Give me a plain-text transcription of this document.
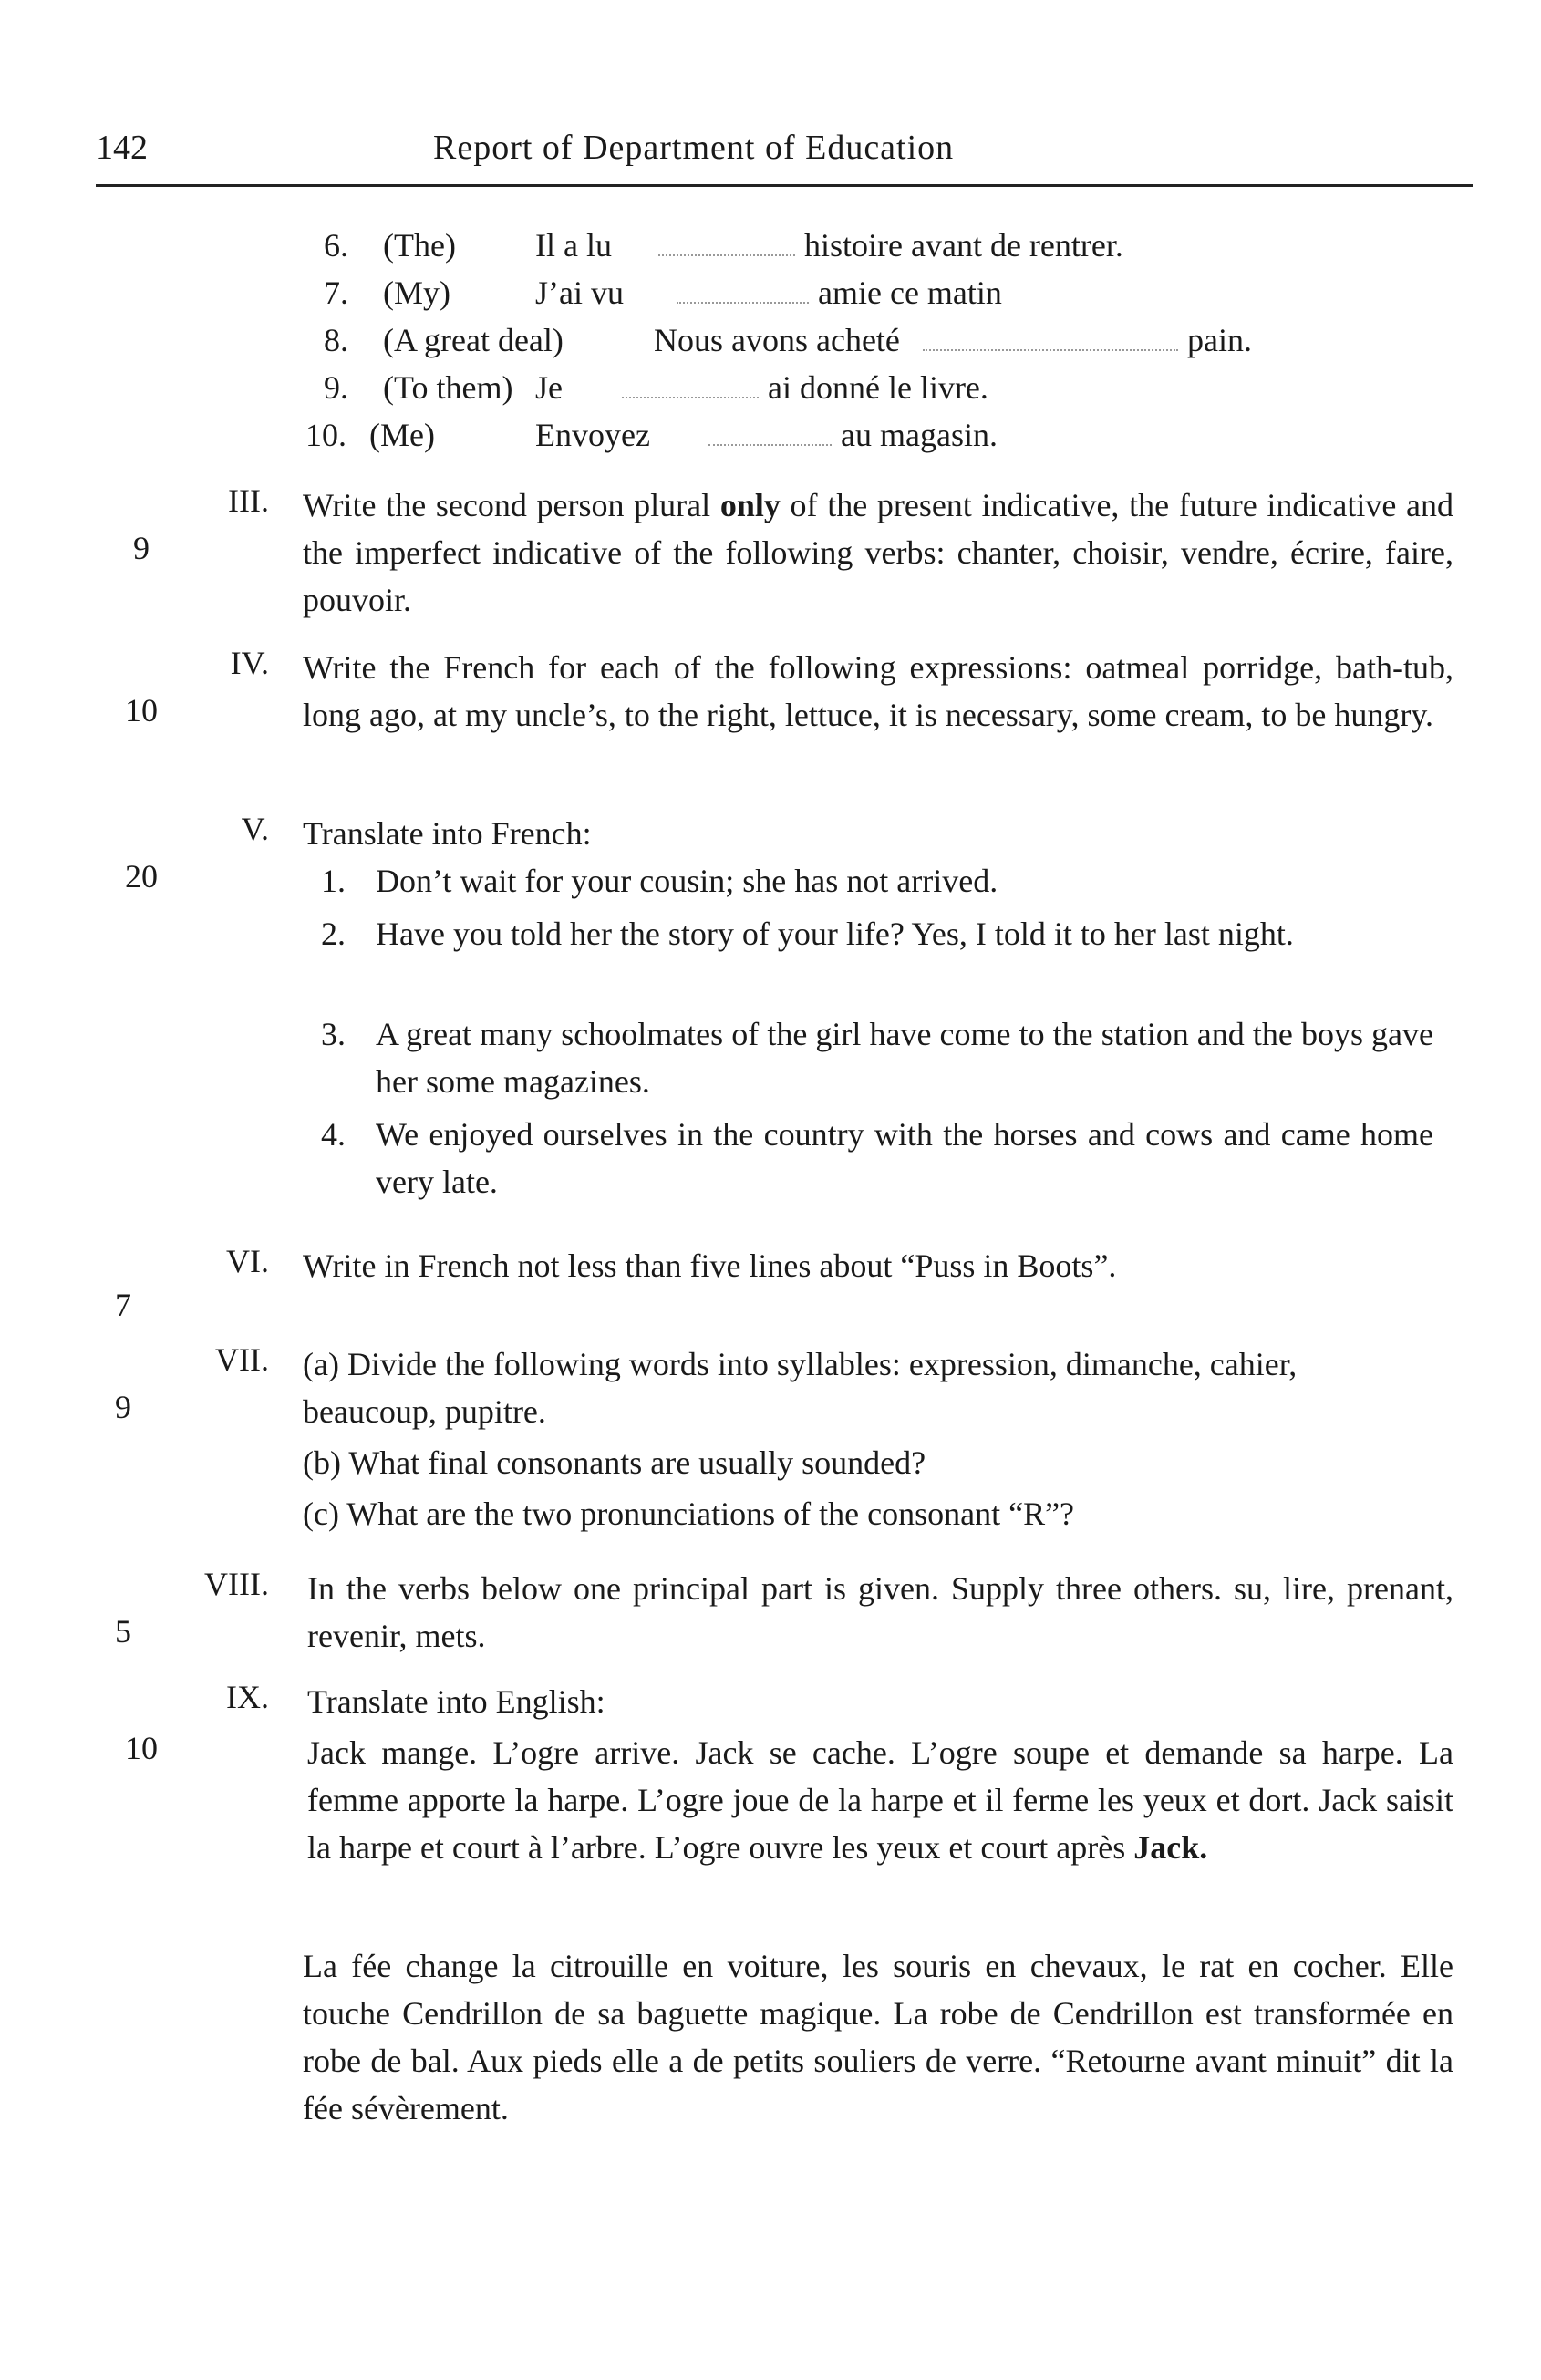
142	Report of Department of Education
6. (The) Il a lu	histoire avant de rentrer.
7. (My)	J’ai vu	amie ce matin
8. (A great deal)	Nous avons acheté	pain.
9. (To them) Je	ai donné le livre.
10. (Me)	Envoyez	au magasin.
III.
9
Write the second person plural only of the present indicative, the future indicative and the imperfect indicative of the following verbs: chanter, choisir, vendre, écrire, faire, pouvoir.
IV.
10
Write the French for each of the following expressions: oatmeal porridge, bath-tub, long ago, at my uncle’s, to the right, lettuce, it is necessary, some cream, to be hungry.
V.
20
Translate into French:
1. Don’t wait for your cousin; she has not arrived.
2. Have you told her the story of your life? Yes, I told it to her last night.
3. A great many schoolmates of the girl have come to the station and the boys gave her some magazines.
4. We enjoyed ourselves in the country with the horses and cows and came home very late.
VI.
7
Write in French not less than five lines about “Puss in Boots”.
VII.
9
(a) Divide the following words into syllables: expression, dimanche, cahier, beaucoup, pupitre.
(b) What final consonants are usually sounded?
(c) What are the two pronunciations of the consonant “R”?
VIII.
5
In the verbs below one principal part is given. Supply three others. su, lire, prenant, revenir, mets.
IX.
10
Translate into English:
Jack mange. L’ogre arrive. Jack se cache. L’ogre soupe et demande sa harpe. La femme apporte la harpe. L’ogre joue de la harpe et il ferme les yeux et dort. Jack saisit la harpe et court à l’arbre. L’ogre ouvre les yeux et court après Jack.
La fée change la citrouille en voiture, les souris en chevaux, le rat en cocher. Elle touche Cendrillon de sa baguette magique. La robe de Cendrillon est transformée en robe de bal. Aux pieds elle a de petits souliers de verre. “Retourne avant minuit” dit la fée sévèrement.
